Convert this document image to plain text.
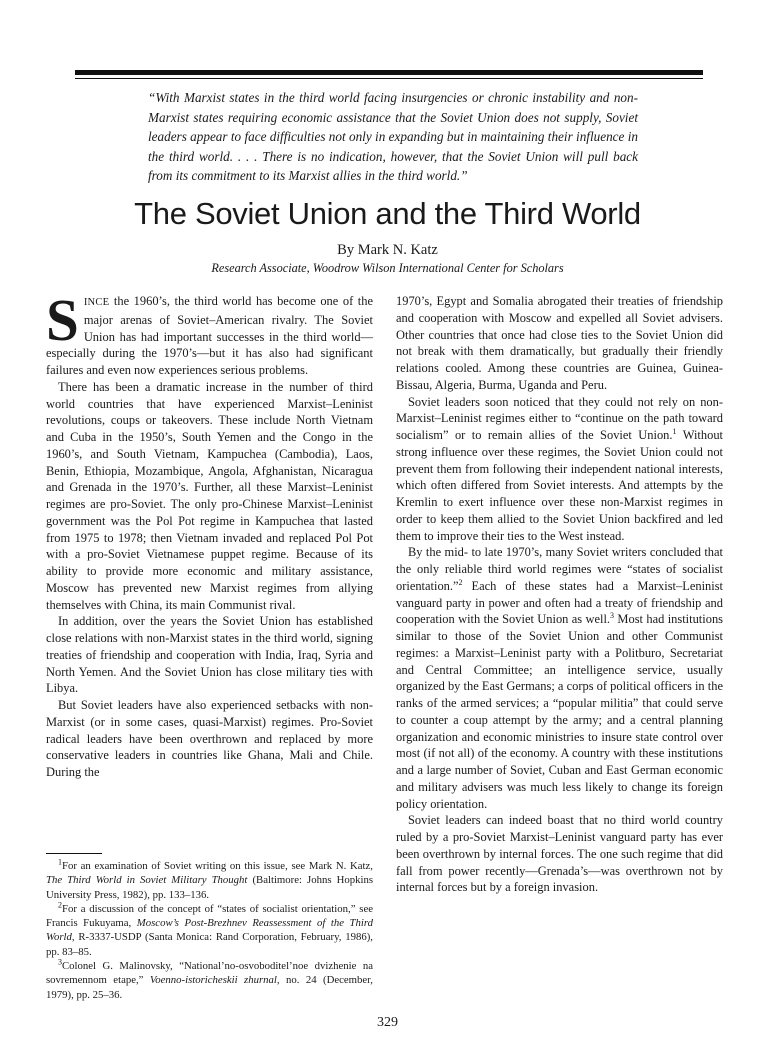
“With Marxist states in the third world facing insurgencies or chronic instability and non-Marxist states requiring economic assistance that the Soviet Union does not supply, Soviet leaders appear to face difficulties not only in expanding but in maintaining their influence in the third world. . . . There is no indication, however, that the Soviet Union will pull back from its commitment to its Marxist allies in the third world.”
The Soviet Union and the Third World
By Mark N. Katz
Research Associate, Woodrow Wilson International Center for Scholars

SINCE the 1960’s, the third world has become one of the major arenas of Soviet–American rivalry. The Soviet Union has had important successes in the third world—especially during the 1970’s—but it has also had significant failures and even now experiences serious problems.

There has been a dramatic increase in the number of third world countries that have experienced Marxist–Leninist revolutions, coups or takeovers. These include North Vietnam and Cuba in the 1950’s, South Yemen and the Congo in the 1960’s, and South Vietnam, Kampuchea (Cambodia), Laos, Benin, Ethiopia, Mozambique, Angola, Afghanistan, Nicaragua and Grenada in the 1970’s. Further, all these Marxist–Leninist regimes are pro-Soviet. The only pro-Chinese Marxist–Leninist government was the Pol Pot regime in Kampuchea that lasted from 1975 to 1978; then Vietnam invaded and replaced Pol Pot with a pro-Soviet Vietnamese puppet regime. Because of its ability to provide more economic and military assistance, Moscow has prevented new Marxist regimes from allying themselves with China, its main Communist rival.

In addition, over the years the Soviet Union has established close relations with non-Marxist states in the third world, signing treaties of friendship and cooperation with India, Iraq, Syria and North Yemen. And the Soviet Union has close military ties with Libya.

But Soviet leaders have also experienced setbacks with non-Marxist (or in some cases, quasi-Marxist) regimes. Pro-Soviet radical leaders have been overthrown and replaced by more conservative leaders in countries like Ghana, Mali and Chile. During the

$^1$For an examination of Soviet writing on this issue, see Mark N. Katz, The Third World in Soviet Military Thought (Baltimore: Johns Hopkins University Press, 1982), pp. 133–136.

$^2$For a discussion of the concept of “states of socialist orientation,” see Francis Fukuyama, Moscow’s Post-Brezhnev Reassessment of the Third World, R-3337-USDP (Santa Monica: Rand Corporation, February, 1986), pp. 83–85.

$^3$Colonel G. Malinovsky, “National’no-osvoboditel’noe dvizhenie na sovremennom etape,” Voenno-istoricheskii zhurnal, no. 24 (December, 1979), pp. 25–36.

1970’s, Egypt and Somalia abrogated their treaties of friendship and cooperation with Moscow and expelled all Soviet advisers. Other countries that once had close ties to the Soviet Union did not break with them dramatically, but gradually their friendly relations cooled. Among these countries are Guinea, Guinea-Bissau, Algeria, Burma, Uganda and Peru.

Soviet leaders soon noticed that they could not rely on non-Marxist–Leninist regimes either to “continue on the path toward socialism” or to remain allies of the Soviet Union.$^1$ Without strong influence over these regimes, the Soviet Union could not prevent them from following their independent national interests, which often differed from Soviet interests. And attempts by the Kremlin to exert influence over these non-Marxist regimes in order to keep them allied to the Soviet Union backfired and led them to improve their ties to the West instead.

By the mid- to late 1970’s, many Soviet writers concluded that the only reliable third world regimes were “states of socialist orientation.”$^2$ Each of these states had a Marxist–Leninist vanguard party in power and often had a treaty of friendship and cooperation with the Soviet Union as well.$^3$ Most had institutions similar to those of the Soviet Union and other Communist regimes: a Marxist–Leninist party with a Politburo, Secretariat and Central Committee; an intelligence service, usually organized by the East Germans; a corps of political officers in the ranks of the armed services; a “popular militia” that could serve to counter a coup attempt by the army; and a central planning organization and economic ministries to insure state control over most (if not all) of the economy. A country with these institutions and a large number of Soviet, Cuban and East German economic and military advisers was much less likely to change its foreign policy orientation.

Soviet leaders can indeed boast that no third world country ruled by a pro-Soviet Marxist–Leninist vanguard party has ever been overthrown by internal forces. The one such regime that did fall from power recently—Grenada’s—was overthrown not by internal forces but by a foreign invasion.

329
